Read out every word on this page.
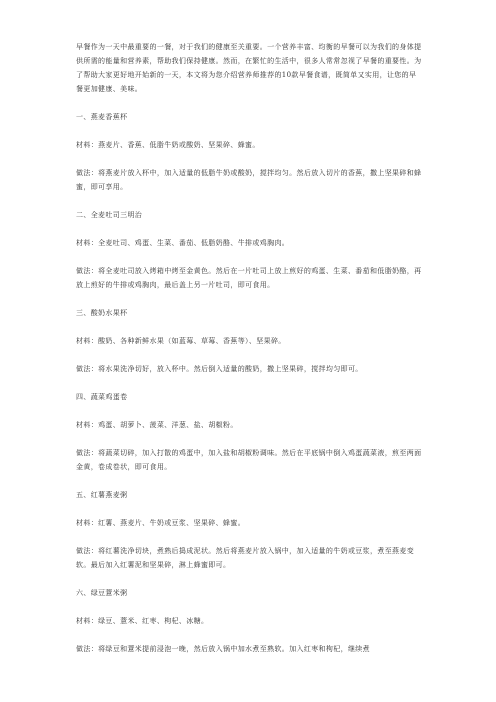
早餐作为一天中最重要的一餐，对于我们的健康至关重要。一个营养丰富、均衡的早餐可以为我们的身体提供所需的能量和营养素，帮助我们保持健康。然而，在繁忙的生活中，很多人常常忽视了早餐的重要性。为了帮助大家更好地开始新的一天，本文将为您介绍营养师推荐的10款早餐食谱，既简单又实用，让您的早餐更加健康、美味。

一、燕麦香蕉杯

材料：燕麦片、香蕉、低脂牛奶或酸奶、坚果碎、蜂蜜。

做法：将燕麦片放入杯中，加入适量的低脂牛奶或酸奶，搅拌均匀。然后放入切片的香蕉，撒上坚果碎和蜂蜜，即可享用。

二、全麦吐司三明治

材料：全麦吐司、鸡蛋、生菜、番茄、低脂奶酪、牛排或鸡胸肉。

做法：将全麦吐司放入烤箱中烤至金黄色。然后在一片吐司上放上煎好的鸡蛋、生菜、番茄和低脂奶酪，再放上煎好的牛排或鸡胸肉，最后盖上另一片吐司，即可食用。

三、酸奶水果杯

材料：酸奶、各种新鲜水果（如蓝莓、草莓、香蕉等）、坚果碎。

做法：将水果洗净切好，放入杯中。然后倒入适量的酸奶，撒上坚果碎，搅拌均匀即可。

四、蔬菜鸡蛋卷

材料：鸡蛋、胡萝卜、菠菜、洋葱、盐、胡椒粉。

做法：将蔬菜切碎，加入打散的鸡蛋中，加入盐和胡椒粉调味。然后在平底锅中倒入鸡蛋蔬菜液，煎至两面金黄，卷成卷状，即可食用。

五、红薯燕麦粥

材料：红薯、燕麦片、牛奶或豆浆、坚果碎、蜂蜜。

做法：将红薯洗净切块，煮熟后捣成泥状。然后将燕麦片放入锅中，加入适量的牛奶或豆浆，煮至燕麦变软。最后加入红薯泥和坚果碎，淋上蜂蜜即可。

六、绿豆薏米粥

材料：绿豆、薏米、红枣、枸杞、冰糖。

做法：将绿豆和薏米提前浸泡一晚，然后放入锅中加水煮至熟软。加入红枣和枸杞，继续煮
